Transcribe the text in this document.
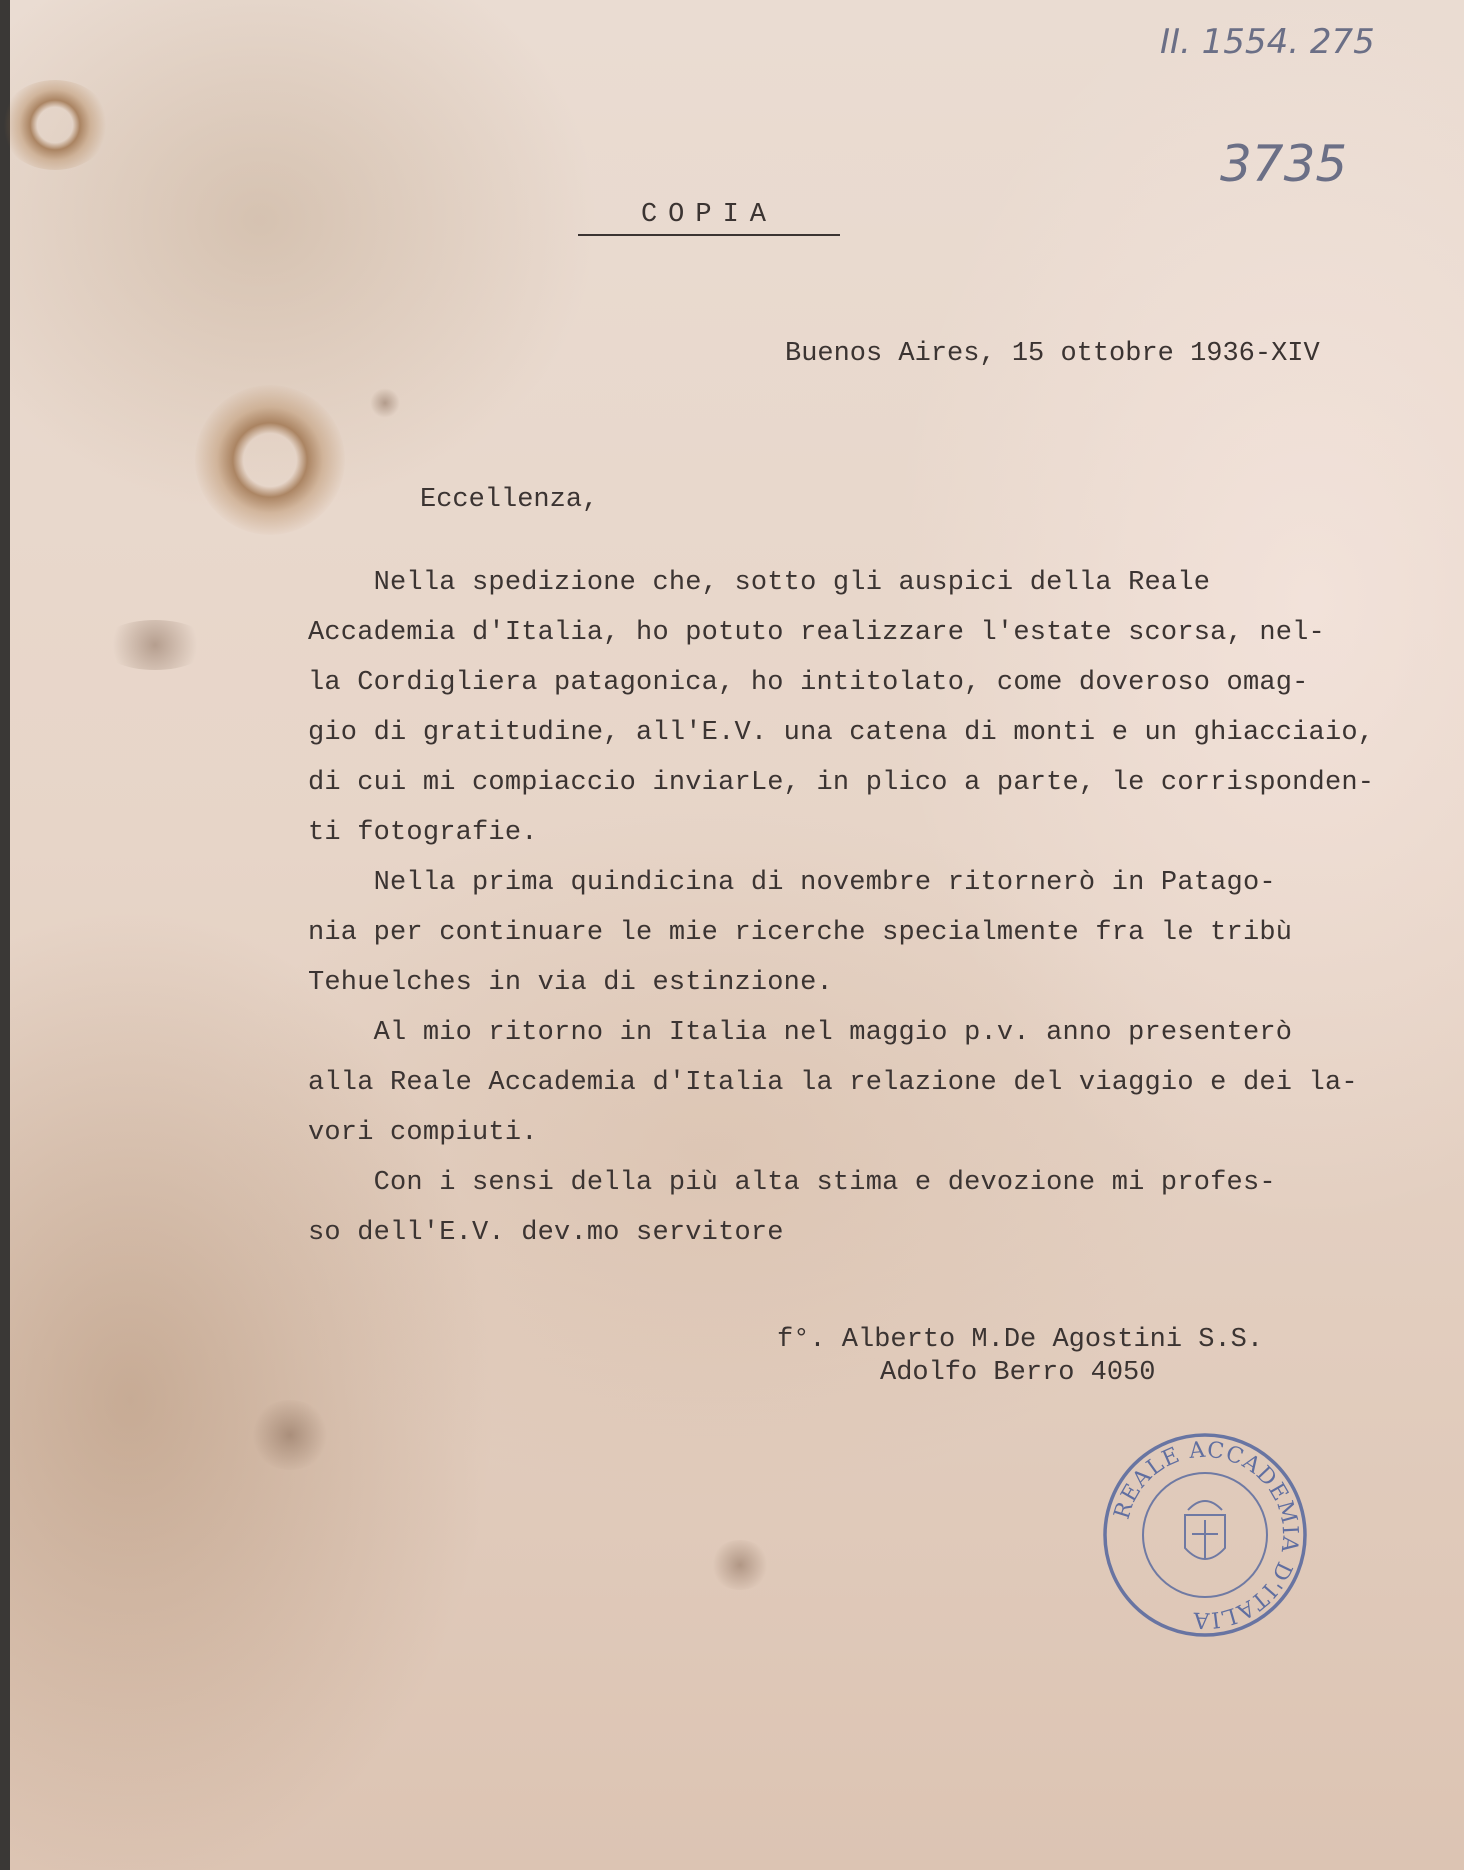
II. 1554. 275
3735
COPIA
Buenos Aires, 15 ottobre 1936-XIV
Eccellenza,
Nella spedizione che, sotto gli auspici della Reale
Accademia d'Italia, ho potuto realizzare l'estate scorsa, nel-
la Cordigliera patagonica, ho intitolato, come doveroso omag-
gio di gratitudine, all'E.V. una catena di monti e un ghiacciaio,
di cui mi compiaccio inviarLe, in plico a parte, le corrisponden-
ti fotografie.
Nella prima quindicina di novembre ritornerò in Patago-
nia per continuare le mie ricerche specialmente fra le tribù
Tehuelches in via di estinzione.
Al mio ritorno in Italia nel maggio p.v. anno presenterò
alla Reale Accademia d'Italia la relazione del viaggio e dei la-
vori compiuti.
Con i sensi della più alta stima e devozione mi profes-
so dell'E.V. dev.mo servitore
f°. Alberto M.De Agostini S.S.
Adolfo Berro 4050
REALE ACCADEMIA D'ITALIA
